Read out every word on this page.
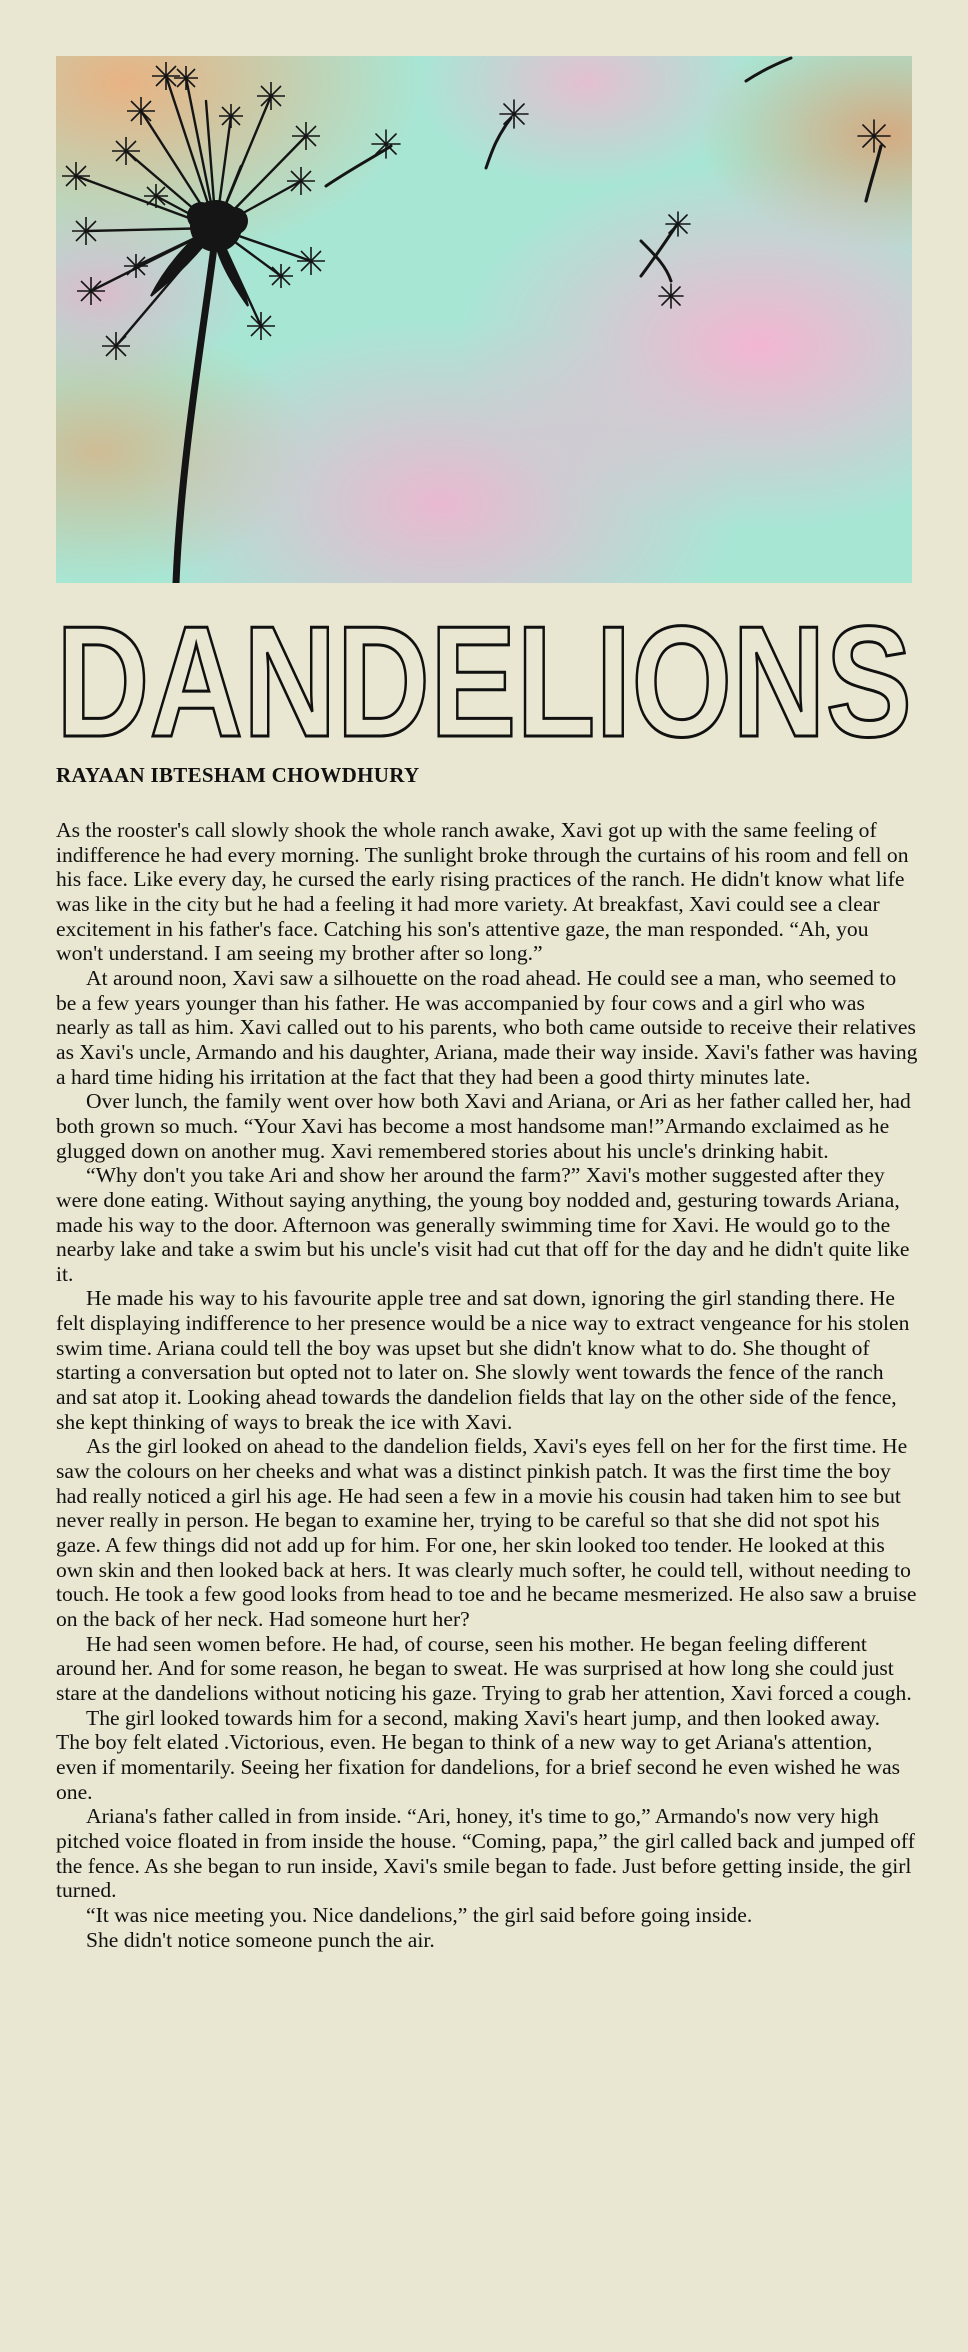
DANDELIONS

RAYAAN IBTESHAM CHOWDHURY

As the rooster's call slowly shook the whole ranch awake, Xavi got up with the same feeling of indifference he had every morning. The sunlight broke through the curtains of his room and fell on his face. Like every day, he cursed the early rising practices of the ranch. He didn't know what life was like in the city but he had a feeling it had more variety. At breakfast, Xavi could see a clear excitement in his father's face. Catching his son's attentive gaze, the man responded. “Ah, you won't understand. I am seeing my brother after so long.”

At around noon, Xavi saw a silhouette on the road ahead. He could see a man, who seemed to be a few years younger than his father. He was accompanied by four cows and a girl who was nearly as tall as him. Xavi called out to his parents, who both came outside to receive their relatives as Xavi's uncle, Armando and his daughter, Ariana, made their way inside. Xavi's father was having a hard time hiding his irritation at the fact that they had been a good thirty minutes late.

Over lunch, the family went over how both Xavi and Ariana, or Ari as her father called her, had both grown so much. “Your Xavi has become a most handsome man!”Armando exclaimed as he glugged down on another mug. Xavi remembered stories about his uncle's drinking habit.

“Why don't you take Ari and show her around the farm?” Xavi's mother suggested after they were done eating. Without saying anything, the young boy nodded and, gesturing towards Ariana, made his way to the door. Afternoon was generally swimming time for Xavi. He would go to the nearby lake and take a swim but his uncle's visit had cut that off for the day and he didn't quite like it.

He made his way to his favourite apple tree and sat down, ignoring the girl standing there. He felt displaying indifference to her presence would be a nice way to extract vengeance for his stolen swim time. Ariana could tell the boy was upset but she didn't know what to do. She thought of starting a conversation but opted not to later on. She slowly went towards the fence of the ranch and sat atop it. Looking ahead towards the dandelion fields that lay on the other side of the fence, she kept thinking of ways to break the ice with Xavi.

As the girl looked on ahead to the dandelion fields, Xavi's eyes fell on her for the first time. He saw the colours on her cheeks and what was a distinct pinkish patch. It was the first time the boy had really noticed a girl his age. He had seen a few in a movie his cousin had taken him to see but never really in person. He began to examine her, trying to be careful so that she did not spot his gaze. A few things did not add up for him. For one, her skin looked too tender. He looked at this own skin and then looked back at hers. It was clearly much softer, he could tell, without needing to touch. He took a few good looks from head to toe and he became mesmerized. He also saw a bruise on the back of her neck. Had someone hurt her?

He had seen women before. He had, of course, seen his mother. He began feeling different around her. And for some reason, he began to sweat. He was surprised at how long she could just stare at the dandelions without noticing his gaze. Trying to grab her attention, Xavi forced a cough.

The girl looked towards him for a second, making Xavi's heart jump, and then looked away. The boy felt elated .Victorious, even. He began to think of a new way to get Ariana's attention, even if momentarily. Seeing her fixation for dandelions, for a brief second he even wished he was one.

Ariana's father called in from inside. “Ari, honey, it's time to go,” Armando's now very high pitched voice floated in from inside the house. “Coming, papa,” the girl called back and jumped off the fence. As she began to run inside, Xavi's smile began to fade. Just before getting inside, the girl turned.

“It was nice meeting you. Nice dandelions,” the girl said before going inside.

She didn't notice someone punch the air.
